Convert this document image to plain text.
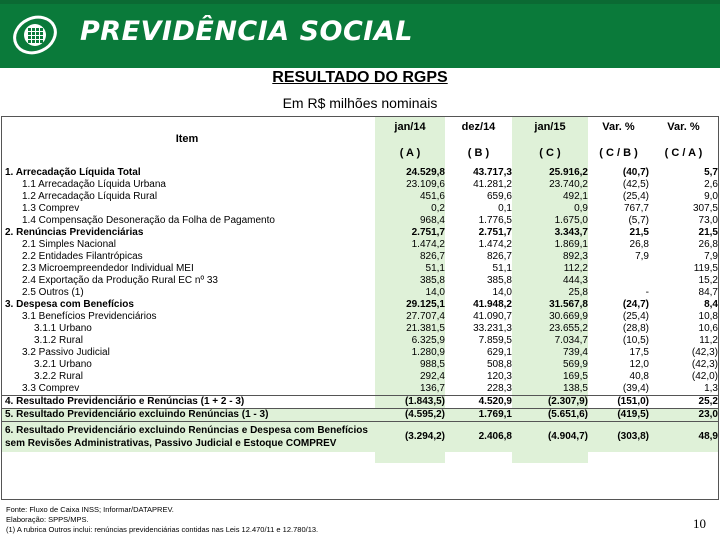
PREVIDÊNCIA SOCIAL
RESULTADO DO RGPS
Em R$ milhões nominais
Item
jan/14
( A )
dez/14
( B )
jan/15
( C )
Var. %
( C / B )
Var. %
( C / A )
1. Arrecadação Líquida Total	24.529,8	43.717,3	25.916,2	(40,7)	5,7
1.1 Arrecadação Líquida Urbana	23.109,6	41.281,2	23.740,2	(42,5)	2,6
1.2 Arrecadação Líquida Rural	451,6	659,6	492,1	(25,4)	9,0
1.3 Comprev	0,2	0,1	0,9	767,7	307,5
1.4 Compensação Desoneração da Folha de Pagamento	968,4	1.776,5	1.675,0	(5,7)	73,0
2. Renúncias Previdenciárias	2.751,7	2.751,7	3.343,7	21,5	21,5
2.1 Simples Nacional	1.474,2	1.474,2	1.869,1	26,8	26,8
2.2 Entidades Filantrópicas	826,7	826,7	892,3	7,9	7,9
2.3 Microempreendedor Individual MEI	51,1	51,1	112,2		119,5
2.4 Exportação da Produção Rural EC nº 33	385,8	385,8	444,3		15,2
2.5 Outros (1)	14,0	14,0	25,8	-	84,7
3. Despesa com Benefícios	29.125,1	41.948,2	31.567,8	(24,7)	8,4
3.1 Benefícios Previdenciários	27.707,4	41.090,7	30.669,9	(25,4)	10,8
3.1.1 Urbano	21.381,5	33.231,3	23.655,2	(28,8)	10,6
3.1.2 Rural	6.325,9	7.859,5	7.034,7	(10,5)	11,2
3.2 Passivo Judicial	1.280,9	629,1	739,4	17,5	(42,3)
3.2.1 Urbano	988,5	508,8	569,9	12,0	(42,3)
3.2.2 Rural	292,4	120,3	169,5	40,8	(42,0)
3.3 Comprev	136,7	228,3	138,5	(39,4)	1,3
4. Resultado Previdenciário e Renúncias (1 + 2 - 3)	(1.843,5)	4.520,9	(2.307,9)	(151,0)	25,2
5. Resultado Previdenciário excluindo Renúncias (1 - 3)	(4.595,2)	1.769,1	(5.651,6)	(419,5)	23,0
6. Resultado Previdenciário excluindo Renúncias e Despesa com Benefícios sem Revisões Administrativas, Passivo Judicial e Estoque COMPREV	(3.294,2)	2.406,8	(4.904,7)	(303,8)	48,9
Fonte: Fluxo de Caixa INSS; Informar/DATAPREV.
Elaboração: SPPS/MPS.
(1) A rubrica Outros inclui: renúncias previdenciárias contidas nas Leis 12.470/11 e 12.780/13.	10
